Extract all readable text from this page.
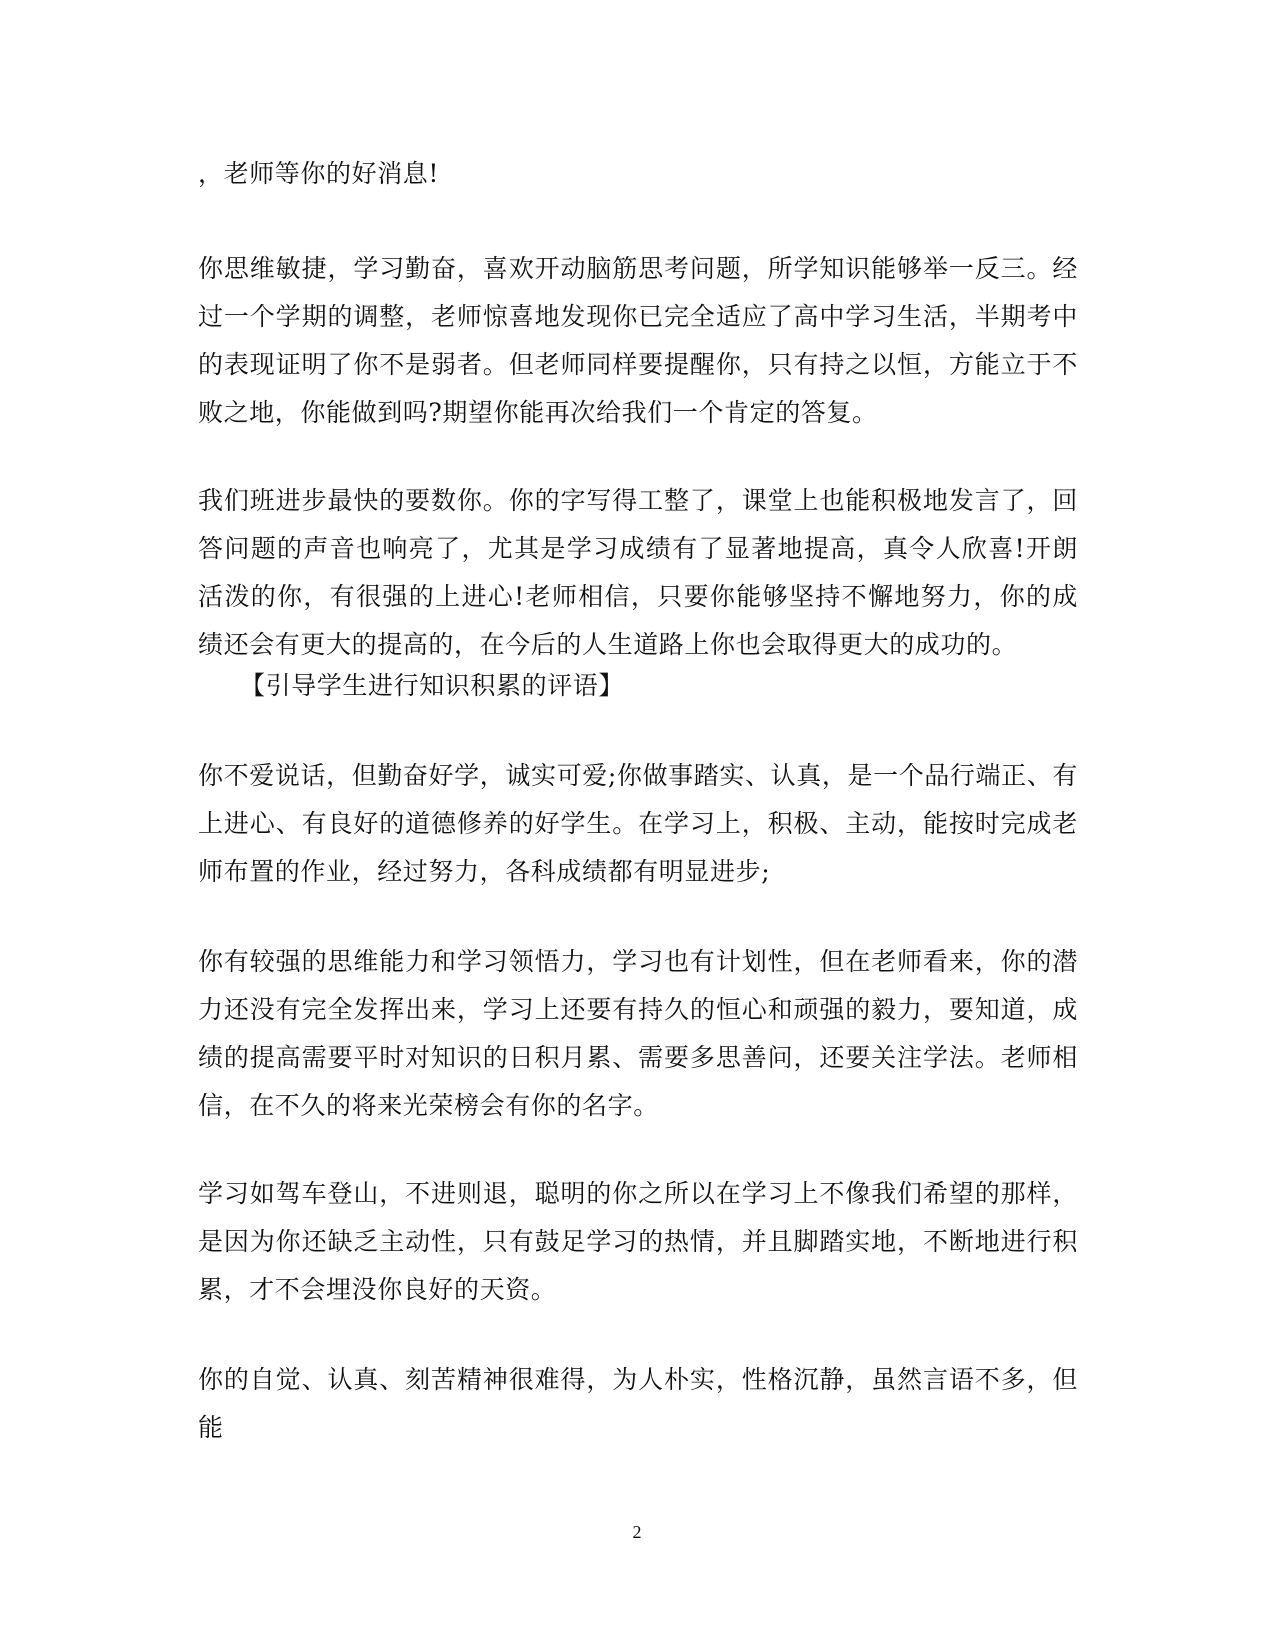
，老师等你的好消息!

你思维敏捷，学习勤奋，喜欢开动脑筋思考问题，所学知识能够举一反三。经过一个学期的调整，老师惊喜地发现你已完全适应了高中学习生活，半期考中的表现证明了你不是弱者。但老师同样要提醒你，只有持之以恒，方能立于不败之地，你能做到吗?期望你能再次给我们一个肯定的答复。

我们班进步最快的要数你。你的字写得工整了，课堂上也能积极地发言了，回答问题的声音也响亮了，尤其是学习成绩有了显著地提高，真令人欣喜!开朗活泼的你，有很强的上进心!老师相信，只要你能够坚持不懈地努力，你的成绩还会有更大的提高的，在今后的人生道路上你也会取得更大的成功的。

【引导学生进行知识积累的评语】

你不爱说话，但勤奋好学，诚实可爱;你做事踏实、认真，是一个品行端正、有上进心、有良好的道德修养的好学生。在学习上，积极、主动，能按时完成老师布置的作业，经过努力，各科成绩都有明显进步;

你有较强的思维能力和学习领悟力，学习也有计划性，但在老师看来，你的潜力还没有完全发挥出来，学习上还要有持久的恒心和顽强的毅力，要知道，成绩的提高需要平时对知识的日积月累、需要多思善问，还要关注学法。老师相信，在不久的将来光荣榜会有你的名字。

学习如驾车登山，不进则退，聪明的你之所以在学习上不像我们希望的那样，是因为你还缺乏主动性，只有鼓足学习的热情，并且脚踏实地，不断地进行积累，才不会埋没你良好的天资。

你的自觉、认真、刻苦精神很难得，为人朴实，性格沉静，虽然言语不多，但能

2
